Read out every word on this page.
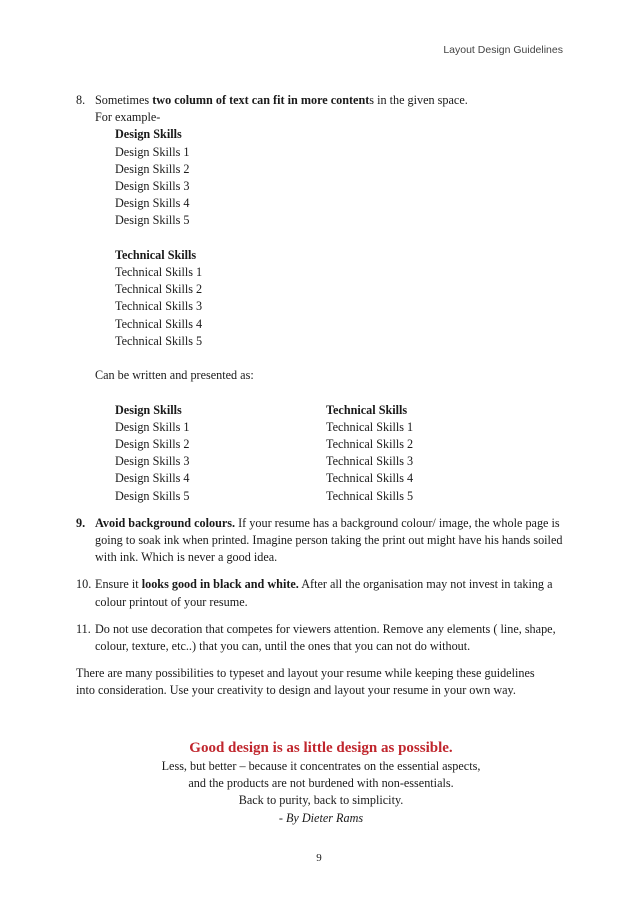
Layout Design Guidelines
8. Sometimes two column of text can fit in more contents in the given space.

For example-

Design Skills

Design Skills 1

Design Skills 2

Design Skills 3

Design Skills 4

Design Skills 5

Technical Skills

Technical Skills 1

Technical Skills 2

Technical Skills 3

Technical Skills 4

Technical Skills 5

Can be written and presented as:

Design Skills

Design Skills 1

Design Skills 2

Design Skills 3

Design Skills 4

Design Skills 5

Technical Skills

Technical Skills 1

Technical Skills 2

Technical Skills 3

Technical Skills 4

Technical Skills 5

9. Avoid background colours. If your resume has a background colour/ image, the whole page is going to soak ink when printed. Imagine person taking the print out might have his hands soiled with ink. Which is never a good idea.

10. Ensure it looks good in black and white. After all the organisation may not invest in taking a colour printout of your resume.

11. Do not use decoration that competes for viewers attention. Remove any elements ( line, shape, colour, texture, etc..) that you can, until the ones that you can not do without.

There are many possibilities to typeset and layout your resume while keeping these guidelines

into consideration. Use your creativity to design and layout your resume in your own way.

Good design is as little design as possible.

Less, but better – because it concentrates on the essential aspects,

and the products are not burdened with non-essentials.

Back to purity, back to simplicity.

- By Dieter Rams

9
